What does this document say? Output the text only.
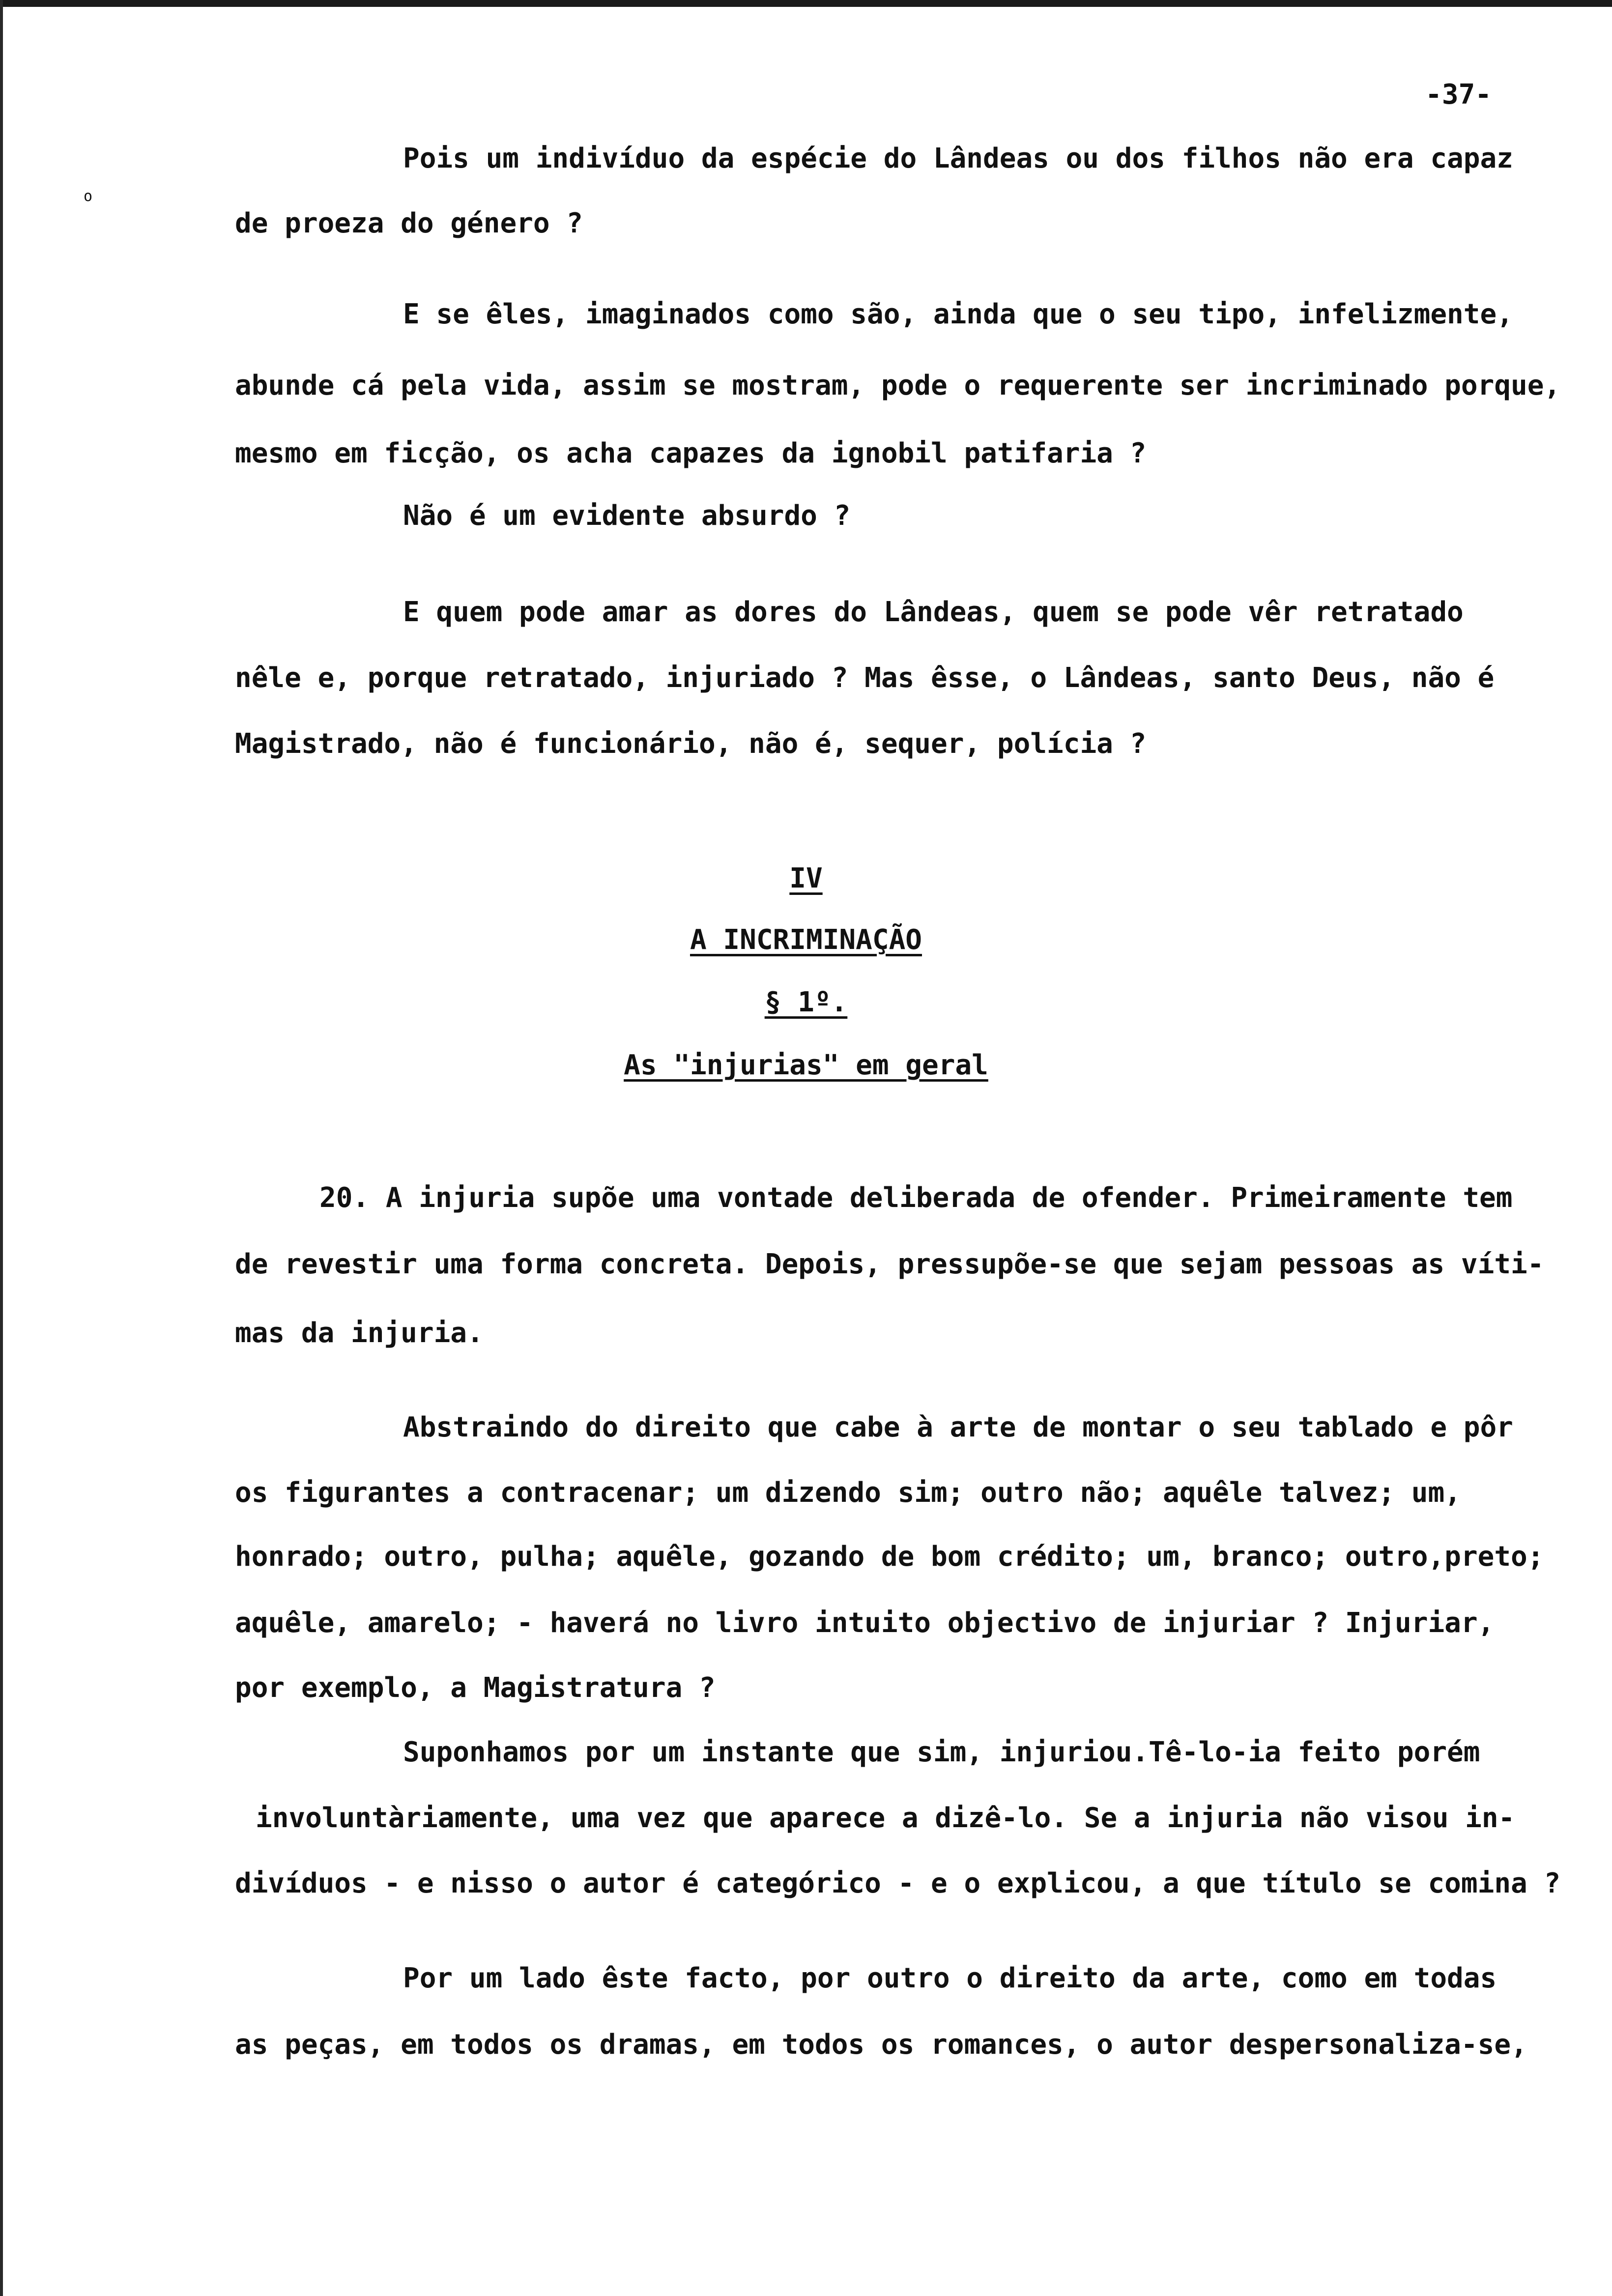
o
-37-
Pois um indivíduo da espécie do Lândeas ou dos filhos não era capaz
de proeza do género ?
E se êles, imaginados como são, ainda que o seu tipo, infelizmente,
abunde cá pela vida, assim se mostram, pode o requerente ser incriminado porque,
mesmo em ficção, os acha capazes da ignobil patifaria ?
Não é um evidente absurdo ?
E quem pode amar as dores do Lândeas, quem se pode vêr retratado
nêle e, porque retratado, injuriado ? Mas êsse, o Lândeas, santo Deus, não é
Magistrado, não é funcionário, não é, sequer, polícia ?
IV
A INCRIMINAÇÃO
§ 1º.
As "injurias" em geral
20. A injuria supõe uma vontade deliberada de ofender. Primeiramente tem
de revestir uma forma concreta. Depois, pressupõe-se que sejam pessoas as víti-
mas da injuria.
Abstraindo do direito que cabe à arte de montar o seu tablado e pôr
os figurantes a contracenar; um dizendo sim; outro não; aquêle talvez; um,
honrado; outro, pulha; aquêle, gozando de bom crédito; um, branco; outro,preto;
aquêle, amarelo; - haverá no livro intuito objectivo de injuriar ? Injuriar,
por exemplo, a Magistratura ?
Suponhamos por um instante que sim, injuriou.Tê-lo-ia feito porém
involuntàriamente, uma vez que aparece a dizê-lo. Se a injuria não visou in-
divíduos - e nisso o autor é categórico - e o explicou, a que título se comina ?
Por um lado êste facto, por outro o direito da arte, como em todas
as peças, em todos os dramas, em todos os romances, o autor despersonaliza-se,
